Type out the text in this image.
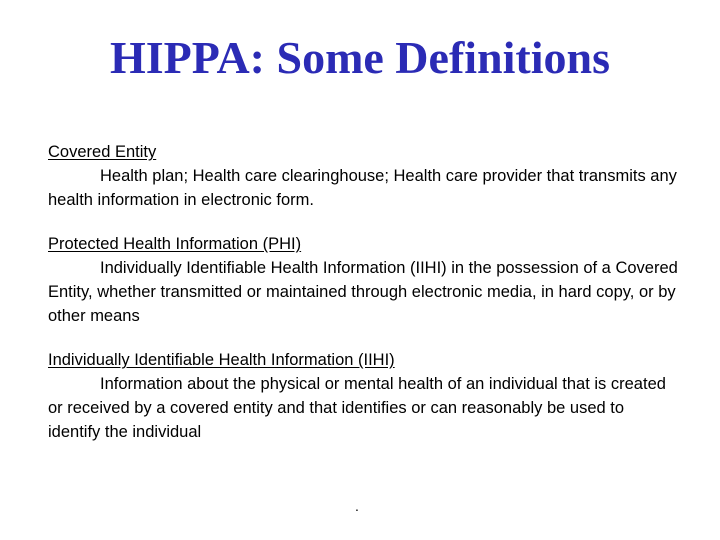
HIPPA: Some Definitions
Covered Entity
Health plan; Health care clearinghouse; Health care provider that transmits any health information in electronic form.
Protected Health Information (PHI)
Individually Identifiable Health Information (IIHI) in the possession of a Covered Entity, whether transmitted or maintained through electronic media, in hard copy, or by other means
Individually Identifiable Health Information (IIHI)
Information about the physical or mental health of an individual that is created or received by a covered entity and that identifies or can reasonably be used to identify the individual
.
